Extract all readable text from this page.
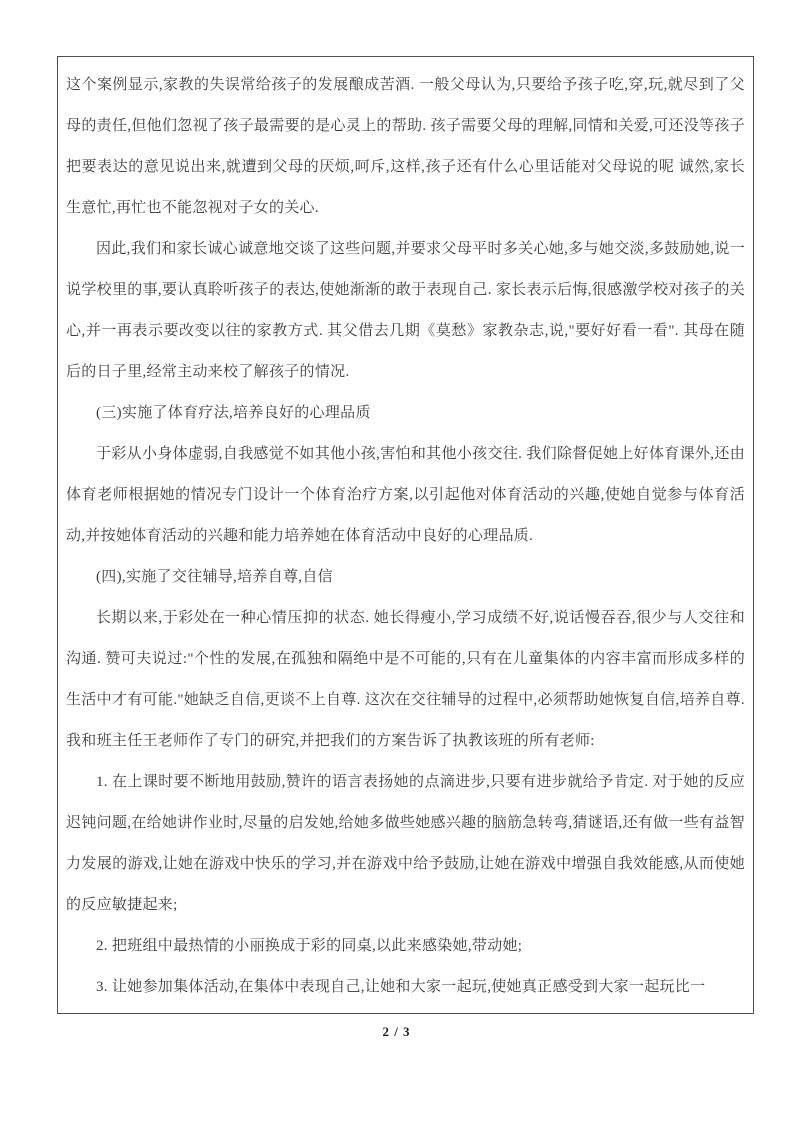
这个案例显示,家教的失误常给孩子的发展酿成苦酒. 一般父母认为,只要给予孩子吃,穿,玩,就尽到了父母的责任,但他们忽视了孩子最需要的是心灵上的帮助. 孩子需要父母的理解,同情和关爱,可还没等孩子把要表达的意见说出来,就遭到父母的厌烦,呵斥,这样,孩子还有什么心里话能对父母说的呢 诚然,家长生意忙,再忙也不能忽视对子女的关心.

因此,我们和家长诚心诚意地交谈了这些问题,并要求父母平时多关心她,多与她交淡,多鼓励她,说一说学校里的事,要认真聆听孩子的表达,使她渐渐的敢于表现自己. 家长表示后悔,很感激学校对孩子的关心,并一再表示要改变以往的家教方式. 其父借去几期《莫愁》家教杂志,说,"要好好看一看". 其母在随后的日子里,经常主动来校了解孩子的情况.

(三)实施了体育疗法,培养良好的心理品质

于彩从小身体虚弱,自我感觉不如其他小孩,害怕和其他小孩交往. 我们除督促她上好体育课外,还由体育老师根据她的情况专门设计一个体育治疗方案,以引起他对体育活动的兴趣,使她自觉参与体育活动,并按她体育活动的兴趣和能力培养她在体育活动中良好的心理品质.

(四),实施了交往辅导,培养自尊,自信

长期以来,于彩处在一种心情压抑的状态. 她长得瘦小,学习成绩不好,说话慢吞吞,很少与人交往和沟通. 赞可夫说过:"个性的发展,在孤独和隔绝中是不可能的,只有在儿童集体的内容丰富而形成多样的生活中才有可能."她缺乏自信,更谈不上自尊. 这次在交往辅导的过程中,必须帮助她恢复自信,培养自尊. 我和班主任王老师作了专门的研究,并把我们的方案告诉了执教该班的所有老师:

1. 在上课时要不断地用鼓励,赞许的语言表扬她的点滴进步,只要有进步就给予肯定. 对于她的反应迟钝问题,在给她讲作业时,尽量的启发她,给她多做些她感兴趣的脑筋急转弯,猜谜语,还有做一些有益智力发展的游戏,让她在游戏中快乐的学习,并在游戏中给予鼓励,让她在游戏中增强自我效能感,从而使她的反应敏捷起来;

2. 把班组中最热情的小丽换成于彩的同桌,以此来感染她,带动她;

3. 让她参加集体活动,在集体中表现自己,让她和大家一起玩,使她真正感受到大家一起玩比一

2 / 3
